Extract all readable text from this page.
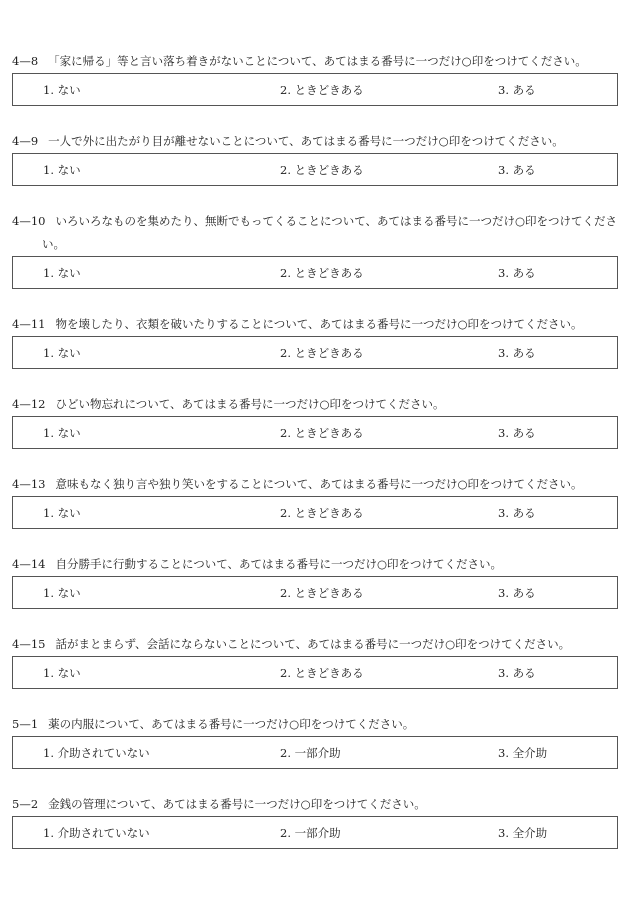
4—8 「家に帰る」等と言い落ち着きがないことについて、あてはまる番号に一つだけ○印をつけてください。
1. ない	2. ときどきある	3. ある
4—9 一人で外に出たがり目が離せないことについて、あてはまる番号に一つだけ○印をつけてください。
1. ない	2. ときどきある	3. ある
4—10 いろいろなものを集めたり、無断でもってくることについて、あてはまる番号に一つだけ○印をつけてください。
1. ない	2. ときどきある	3. ある
4—11 物を壊したり、衣類を破いたりすることについて、あてはまる番号に一つだけ○印をつけてください。
1. ない	2. ときどきある	3. ある
4—12 ひどい物忘れについて、あてはまる番号に一つだけ○印をつけてください。
1. ない	2. ときどきある	3. ある
4—13 意味もなく独り言や独り笑いをすることについて、あてはまる番号に一つだけ○印をつけてください。
1. ない	2. ときどきある	3. ある
4—14 自分勝手に行動することについて、あてはまる番号に一つだけ○印をつけてください。
1. ない	2. ときどきある	3. ある
4—15 話がまとまらず、会話にならないことについて、あてはまる番号に一つだけ○印をつけてください。
1. ない	2. ときどきある	3. ある
5—1 薬の内服について、あてはまる番号に一つだけ○印をつけてください。
1. 介助されていない	2. 一部介助	3. 全介助
5—2 金銭の管理について、あてはまる番号に一つだけ○印をつけてください。
1. 介助されていない	2. 一部介助	3. 全介助
